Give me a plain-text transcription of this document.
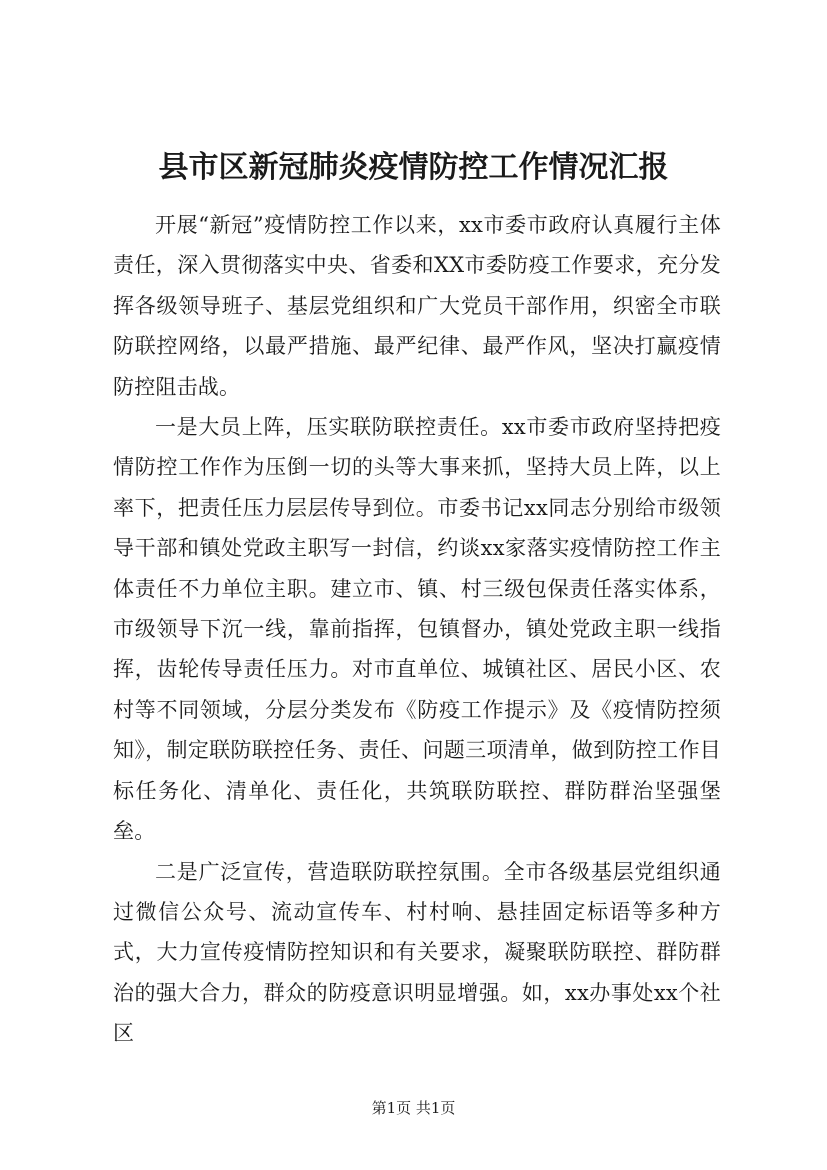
县市区新冠肺炎疫情防控工作情况汇报

开展“新冠”疫情防控工作以来，xx市委市政府认真履行主体责任，深入贯彻落实中央、省委和XX市委防疫工作要求，充分发挥各级领导班子、基层党组织和广大党员干部作用，织密全市联防联控网络，以最严措施、最严纪律、最严作风，坚决打赢疫情防控阻击战。

一是大员上阵，压实联防联控责任。xx市委市政府坚持把疫情防控工作作为压倒一切的头等大事来抓，坚持大员上阵，以上率下，把责任压力层层传导到位。市委书记xx同志分别给市级领导干部和镇处党政主职写一封信，约谈xx家落实疫情防控工作主体责任不力单位主职。建立市、镇、村三级包保责任落实体系，市级领导下沉一线，靠前指挥，包镇督办，镇处党政主职一线指挥，齿轮传导责任压力。对市直单位、城镇社区、居民小区、农村等不同领域，分层分类发布《防疫工作提示》及《疫情防控须知》，制定联防联控任务、责任、问题三项清单，做到防控工作目标任务化、清单化、责任化，共筑联防联控、群防群治坚强堡垒。

二是广泛宣传，营造联防联控氛围。全市各级基层党组织通过微信公众号、流动宣传车、村村响、悬挂固定标语等多种方式，大力宣传疫情防控知识和有关要求，凝聚联防联控、群防群治的强大合力，群众的防疫意识明显增强。如，xx办事处xx个社区

第1页 共1页
